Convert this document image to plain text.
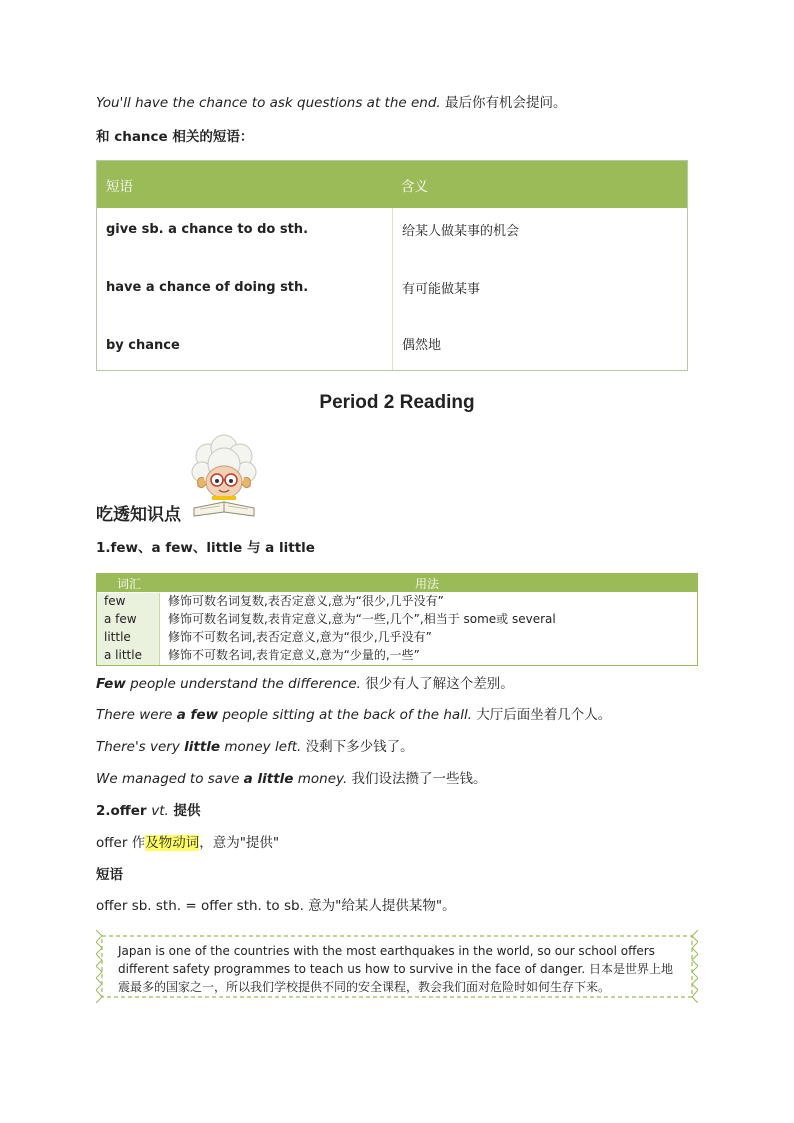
You'll have the chance to ask questions at the end. 最后你有机会提问。
和 chance 相关的短语：
短语	含义
give sb. a chance to do sth.	给某人做某事的机会
have a chance of doing sth.	有可能做某事
by chance	偶然地
Period 2 Reading
吃透知识点
1.few、a few、little 与 a little
词汇	用法
few	修饰可数名词复数,表否定意义,意为“很少,几乎没有”
a few	修饰可数名词复数,表肯定意义,意为“一些,几个”,相当于 some或 several
little	修饰不可数名词,表否定意义,意为“很少,几乎没有”
a little	修饰不可数名词,表肯定意义,意为“少量的,一些”
Few people understand the difference. 很少有人了解这个差别。
There were a few people sitting at the back of the hall. 大厅后面坐着几个人。
There's very little money left. 没剩下多少钱了。
We managed to save a little money. 我们设法攒了一些钱。
2.offer vt. 提供
offer 作及物动词，意为"提供"
短语
offer sb. sth. = offer sth. to sb. 意为"给某人提供某物"。
Japan is one of the countries with the most earthquakes in the world, so our school offers different safety programmes to teach us how to survive in the face of danger. 日本是世界上地震最多的国家之一，所以我们学校提供不同的安全课程，教会我们面对危险时如何生存下来。
